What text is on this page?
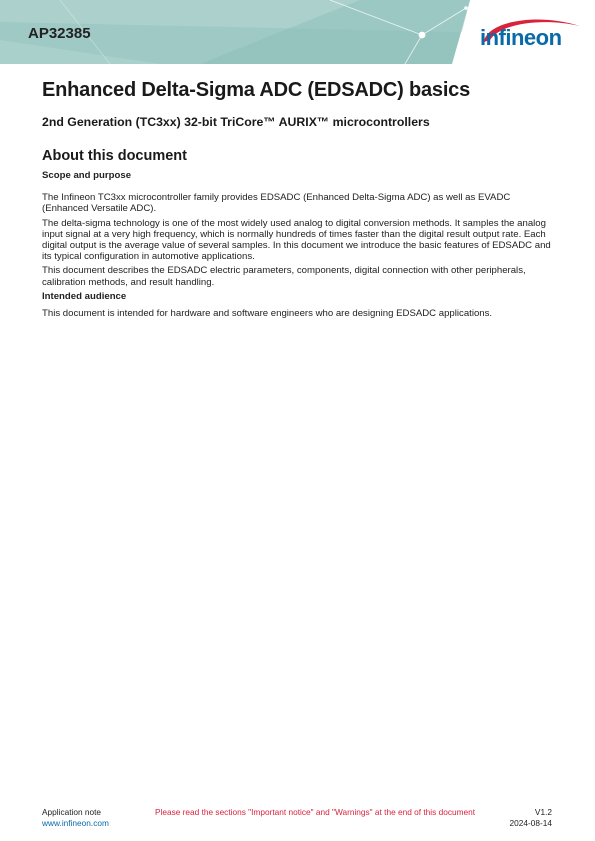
AP32385	infineon
Enhanced Delta-Sigma ADC (EDSADC) basics
2nd Generation (TC3xx) 32-bit TriCore™ AURIX™ microcontrollers
About this document
Scope and purpose

The Infineon TC3xx microcontroller family provides EDSADC (Enhanced Delta-Sigma ADC) as well as EVADC (Enhanced Versatile ADC).

The delta-sigma technology is one of the most widely used analog to digital conversion methods. It samples the analog input signal at a very high frequency, which is normally hundreds of times faster than the digital result output rate. Each digital output is the average value of several samples. In this document we introduce the basic features of EDSADC and its typical configuration in automotive applications.

This document describes the EDSADC electric parameters, components, digital connection with other peripherals, calibration methods, and result handling.

Intended audience

This document is intended for hardware and software engineers who are designing EDSADC applications.

Application note
www.infineon.com
Please read the sections "Important notice" and "Warnings" at the end of this document	V1.2
2024-08-14
